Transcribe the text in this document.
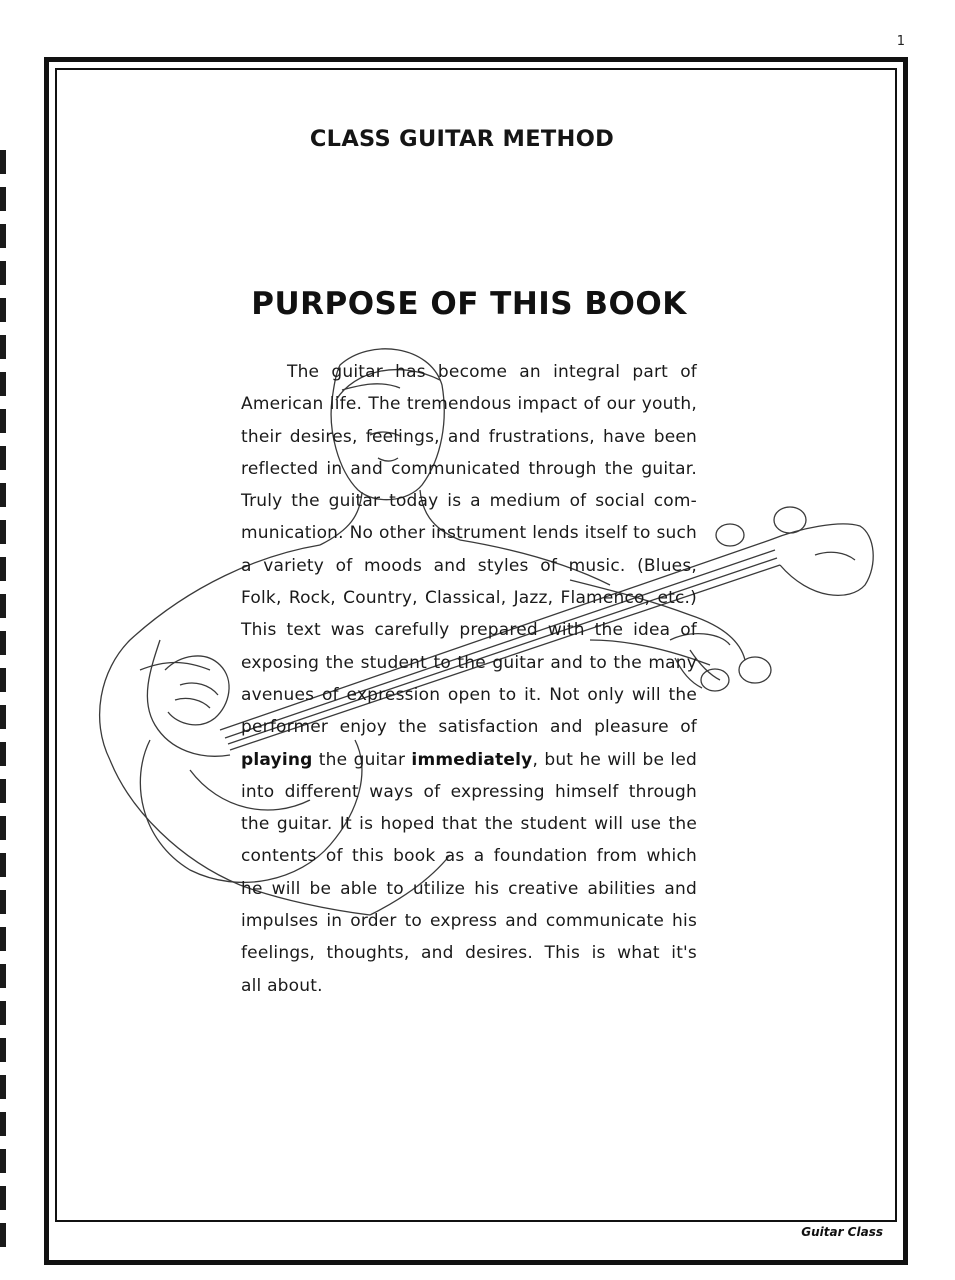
1
CLASS GUITAR METHOD
PURPOSE OF THIS BOOK
The guitar has become an integral part of
American life. The tremendous impact of our youth,
their desires, feelings, and frustrations, have been
reflected in and communicated through the guitar.
Truly the guitar today is a medium of social com-
munication. No other instrument lends itself to such
a variety of moods and styles of music. (Blues,
Folk, Rock, Country, Classical, Jazz, Flamenco, etc.)
This text was carefully prepared with the idea of
exposing the student to the guitar and to the many
avenues of expression open to it. Not only will the
performer enjoy the satisfaction and pleasure of
playing the guitar immediately, but he will be led
into different ways of expressing himself through
the guitar. It is hoped that the student will use the
contents of this book as a foundation from which
he will be able to utilize his creative abilities and
impulses in order to express and communicate his
feelings, thoughts, and desires. This is what it's
all about.
Guitar Class
